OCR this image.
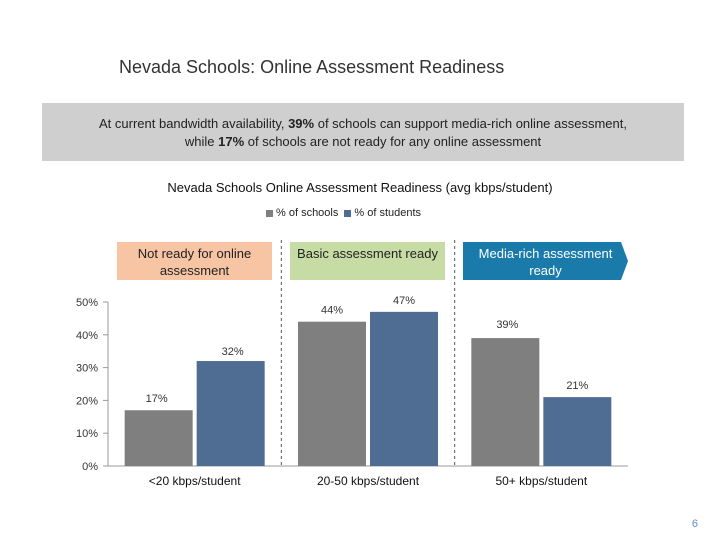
Nevada Schools: Online Assessment Readiness
At current bandwidth availability, 39% of schools can support media-rich online assessment,
while 17% of schools are not ready for any online assessment
Nevada Schools Online Assessment Readiness (avg kbps/student)
% of schools % of students
Not ready for online assessment
Basic assessment ready	Media-rich assessment ready
0%
10%
20%
30%
40%
50%
17%
32%
<20 kbps/student
44%
47%
20-50 kbps/student
39%
21%
50+ kbps/student
6
